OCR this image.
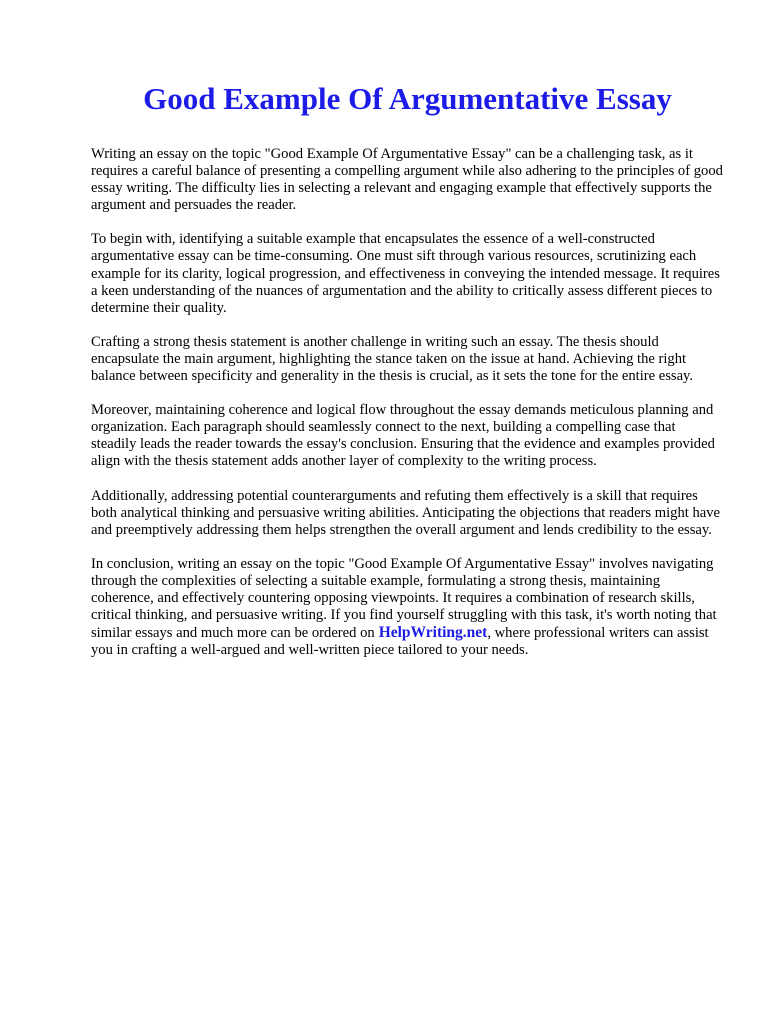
Good Example Of Argumentative Essay

Writing an essay on the topic "Good Example Of Argumentative Essay" can be a challenging task, as it requires a careful balance of presenting a compelling argument while also adhering to the principles of good essay writing. The difficulty lies in selecting a relevant and engaging example that effectively supports the argument and persuades the reader.

To begin with, identifying a suitable example that encapsulates the essence of a well-constructed argumentative essay can be time-consuming. One must sift through various resources, scrutinizing each example for its clarity, logical progression, and effectiveness in conveying the intended message. It requires a keen understanding of the nuances of argumentation and the ability to critically assess different pieces to determine their quality.

Crafting a strong thesis statement is another challenge in writing such an essay. The thesis should encapsulate the main argument, highlighting the stance taken on the issue at hand. Achieving the right balance between specificity and generality in the thesis is crucial, as it sets the tone for the entire essay.

Moreover, maintaining coherence and logical flow throughout the essay demands meticulous planning and organization. Each paragraph should seamlessly connect to the next, building a compelling case that steadily leads the reader towards the essay's conclusion. Ensuring that the evidence and examples provided align with the thesis statement adds another layer of complexity to the writing process.

Additionally, addressing potential counterarguments and refuting them effectively is a skill that requires both analytical thinking and persuasive writing abilities. Anticipating the objections that readers might have and preemptively addressing them helps strengthen the overall argument and lends credibility to the essay.

In conclusion, writing an essay on the topic "Good Example Of Argumentative Essay" involves navigating through the complexities of selecting a suitable example, formulating a strong thesis, maintaining coherence, and effectively countering opposing viewpoints. It requires a combination of research skills, critical thinking, and persuasive writing. If you find yourself struggling with this task, it's worth noting that similar essays and much more can be ordered on HelpWriting.net, where professional writers can assist you in crafting a well-argued and well-written piece tailored to your needs.
